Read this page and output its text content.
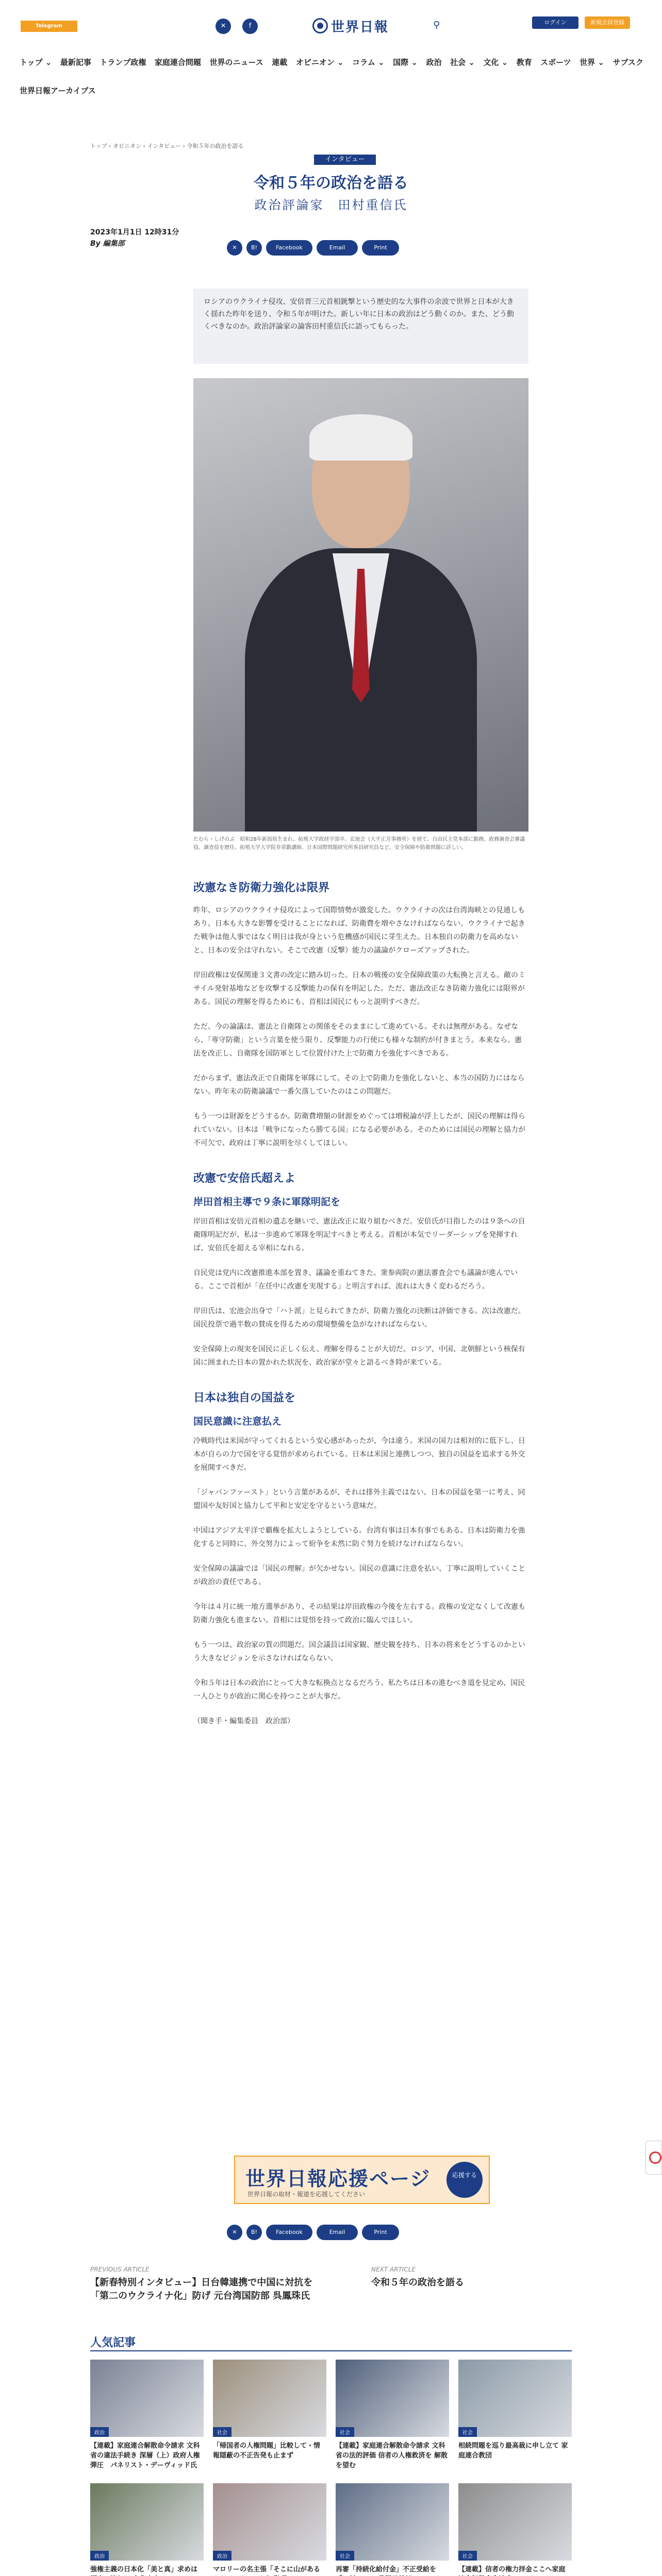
Telegram Subscribe
✕	f	世界日報	⚲	ログイン	新規会員登録
トップ ⌄ 最新記事 トランプ政権 家庭連合問題 世界のニュース 連載 オピニオン ⌄ コラム ⌄ 国際 ⌄ 政治 社会 ⌄ 文化 ⌄ 教育 スポーツ 世界 ⌄ サブスク
世界日報アーカイブス
トップ › オピニオン › インタビュー › 令和５年の政治を語る
インタビュー
令和５年の政治を語る
政治評論家　田村重信氏
2023年1月1日 12時31分
By 編集部	✕	B!	Facebook	Email	Print
ロシアのウクライナ侵攻、安倍晋三元首相銃撃という歴史的な大事件の余波で世界と日本が大きく揺れた昨年を送り、令和５年が明けた。新しい年に日本の政治はどう動くのか。また、どう動くべきなのか。政治評論家の論客田村重信氏に語ってもらった。
たむら・しげのぶ　昭和28年新潟県生まれ。拓殖大学政経学部卒。宏池会（大平正芳事務所）を経て、自由民主党本部に勤務。政務調査会審議役、調査役を歴任。拓殖大学大学院非常勤講師、日本国際問題研究所客員研究員など。安全保障や防衛問題に詳しい。
改憲なき防衛力強化は限界

昨年、ロシアのウクライナ侵攻によって国際情勢が激変した。ウクライナの次は台湾海峡との見通しもあり、日本も大きな影響を受けることになれば、防衛費を増やさなければならない。ウクライナで起きた戦争は他人事ではなく明日は我が身という危機感が国民に芽生えた。日本独自の防衛力を高めないと、日本の安全は守れない。そこで改憲（反撃）能力の議論がクローズアップされた。

岸田政権は安保関連３文書の改定に踏み切った。日本の戦後の安全保障政策の大転換と言える。敵のミサイル発射基地などを攻撃する反撃能力の保有を明記した。ただ、憲法改正なき防衛力強化には限界がある。国民の理解を得るためにも、首相は国民にもっと説明すべきだ。

ただ、今の論議は、憲法と自衛隊との関係をそのままにして進めている。それは無理がある。なぜなら、「専守防衛」という言葉を使う限り、反撃能力の行使にも様々な制約が付きまとう。本来なら、憲法を改正し、自衛隊を国防軍として位置付けた上で防衛力を強化すべきである。

だからまず、憲法改正で自衛隊を軍隊にして、その上で防衛力を強化しないと、本当の国防力にはならない。昨年末の防衛論議で一番欠落していたのはこの問題だ。

もう一つは財源をどうするか。防衛費増額の財源をめぐっては増税論が浮上したが、国民の理解は得られていない。日本は「戦争になったら勝てる国」になる必要がある。そのためには国民の理解と協力が不可欠で、政府は丁寧に説明を尽くしてほしい。

改憲で安倍氏超えよ
岸田首相主導で９条に軍隊明記を

岸田首相は安倍元首相の遺志を継いで、憲法改正に取り組むべきだ。安倍氏が目指したのは９条への自衛隊明記だが、私は一歩進めて軍隊を明記すべきと考える。首相が本気でリーダーシップを発揮すれば、安倍氏を超える宰相になれる。

自民党は党内に改憲推進本部を置き、議論を重ねてきた。衆参両院の憲法審査会でも議論が進んでいる。ここで首相が「在任中に改憲を実現する」と明言すれば、流れは大きく変わるだろう。

岸田氏は、宏池会出身で「ハト派」と見られてきたが、防衛力強化の決断は評価できる。次は改憲だ。国民投票で過半数の賛成を得るための環境整備を急がなければならない。

安全保障上の現実を国民に正しく伝え、理解を得ることが大切だ。ロシア、中国、北朝鮮という核保有国に囲まれた日本の置かれた状況を、政治家が堂々と語るべき時が来ている。

日本は独自の国益を
国民意識に注意払え

冷戦時代は米国が守ってくれるという安心感があったが、今は違う。米国の国力は相対的に低下し、日本が自らの力で国を守る覚悟が求められている。日本は米国と連携しつつ、独自の国益を追求する外交を展開すべきだ。

「ジャパンファースト」という言葉があるが、それは排外主義ではない。日本の国益を第一に考え、同盟国や友好国と協力して平和と安定を守るという意味だ。

中国はアジア太平洋で覇権を拡大しようとしている。台湾有事は日本有事でもある。日本は防衛力を強化すると同時に、外交努力によって紛争を未然に防ぐ努力を続けなければならない。

安全保障の議論では「国民の理解」が欠かせない。国民の意識に注意を払い、丁寧に説明していくことが政治の責任である。

今年は４月に統一地方選挙があり、その結果は岸田政権の今後を左右する。政権の安定なくして改憲も防衛力強化も進まない。首相には覚悟を持って政治に臨んでほしい。

もう一つは、政治家の質の問題だ。国会議員は国家観、歴史観を持ち、日本の将来をどうするのかという大きなビジョンを示さなければならない。

令和５年は日本の政治にとって大きな転換点となるだろう。私たちは日本の進むべき道を見定め、国民一人ひとりが政治に関心を持つことが大事だ。

（聞き手・編集委員　政治部）

世界日報応援ページ
世界日報の取材・報道を応援してください
応援する
✕	B!	Facebook	Email	Print
PREVIOUS ARTICLE
【新春特別インタビュー】日台韓連携で中国に対抗を「第二のウクライナ化」防げ 元台湾国防部 呉鳳珠氏
NEXT ARTICLE
令和５年の政治を語る
人気記事
政治
【連載】家庭連合解散命令請求 文科省の違法手続き 深層（上）政府人権弾圧　パネリスト・デーヴィッド氏
社会
「帰国者の人権問題」比較して・情報隠蔽の不正告発も止まず
社会
【連載】家庭連合解散命令請求 文科省の法的評価 信者の人権救済を 解散を望む
社会
相続問題を巡り最高裁に申し立て 家庭連合教団
政治
強権主義の日本化「美と真」求めは
政治
マロリーの名主張「そこに山がある
社会
再審「持続化給付金」不正受給を
社会
【連載】信者の権力拝金ここへ家庭
